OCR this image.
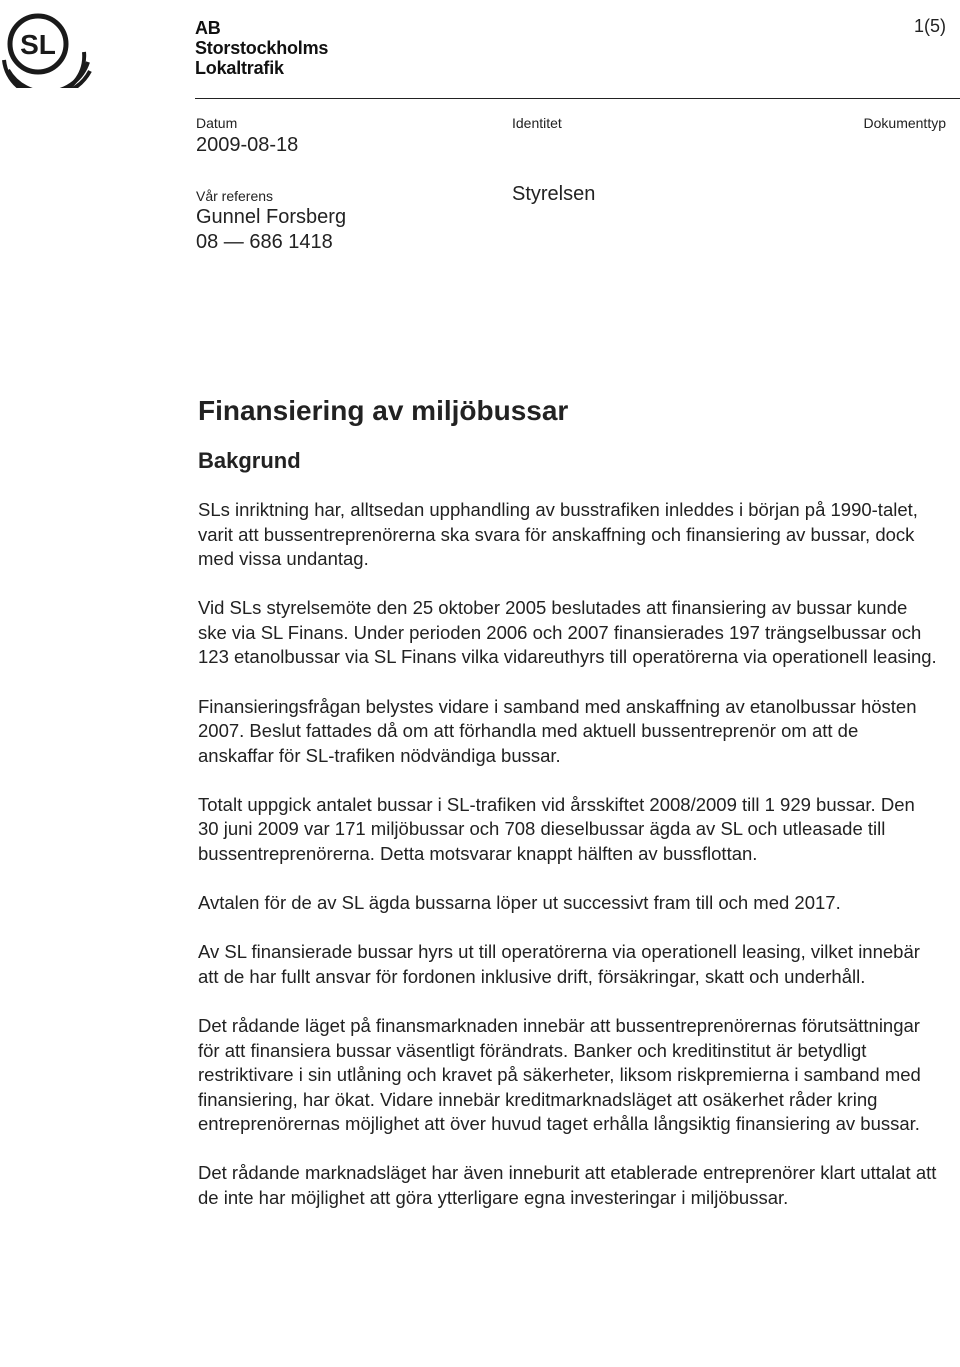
SL
AB
Storstockholms
Lokaltrafik
1(5)
Datum
2009-08-18
Identitet	Dokumenttyp
Vår referens
Gunnel Forsberg
08 — 686 1418
Styrelsen
Finansiering av miljöbussar
Bakgrund

SLs inriktning har, alltsedan upphandling av busstrafiken inleddes i början på 1990-talet, varit att bussentreprenörerna ska svara för anskaffning och finansiering av bussar, dock med vissa undantag.

Vid SLs styrelsemöte den 25 oktober 2005 beslutades att finansiering av bussar kunde ske via SL Finans. Under perioden 2006 och 2007 finansierades 197 trängselbussar och 123 etanolbussar via SL Finans vilka vidareuthyrs till operatörerna via operationell leasing.

Finansieringsfrågan belystes vidare i samband med anskaffning av etanolbussar hösten 2007. Beslut fattades då om att förhandla med aktuell bussentreprenör om att de anskaffar för SL-trafiken nödvändiga bussar.

Totalt uppgick antalet bussar i SL-trafiken vid årsskiftet 2008/2009 till 1 929 bussar. Den 30 juni 2009 var 171 miljöbussar och 708 dieselbussar ägda av SL och utleasade till bussentreprenörerna. Detta motsvarar knappt hälften av bussflottan.

Avtalen för de av SL ägda bussarna löper ut successivt fram till och med 2017.

Av SL finansierade bussar hyrs ut till operatörerna via operationell leasing, vilket innebär att de har fullt ansvar för fordonen inklusive drift, försäkringar, skatt och underhåll.

Det rådande läget på finansmarknaden innebär att bussentreprenörernas förutsättningar för att finansiera bussar väsentligt förändrats. Banker och kreditinstitut är betydligt restriktivare i sin utlåning och kravet på säkerheter, liksom riskpremierna i samband med finansiering, har ökat. Vidare innebär kreditmarknadsläget att osäkerhet råder kring entreprenörernas möjlighet att över huvud taget erhålla långsiktig finansiering av bussar.

Det rådande marknadsläget har även inneburit att etablerade entreprenörer klart uttalat att de inte har möjlighet att göra ytterligare egna investeringar i miljöbussar.
